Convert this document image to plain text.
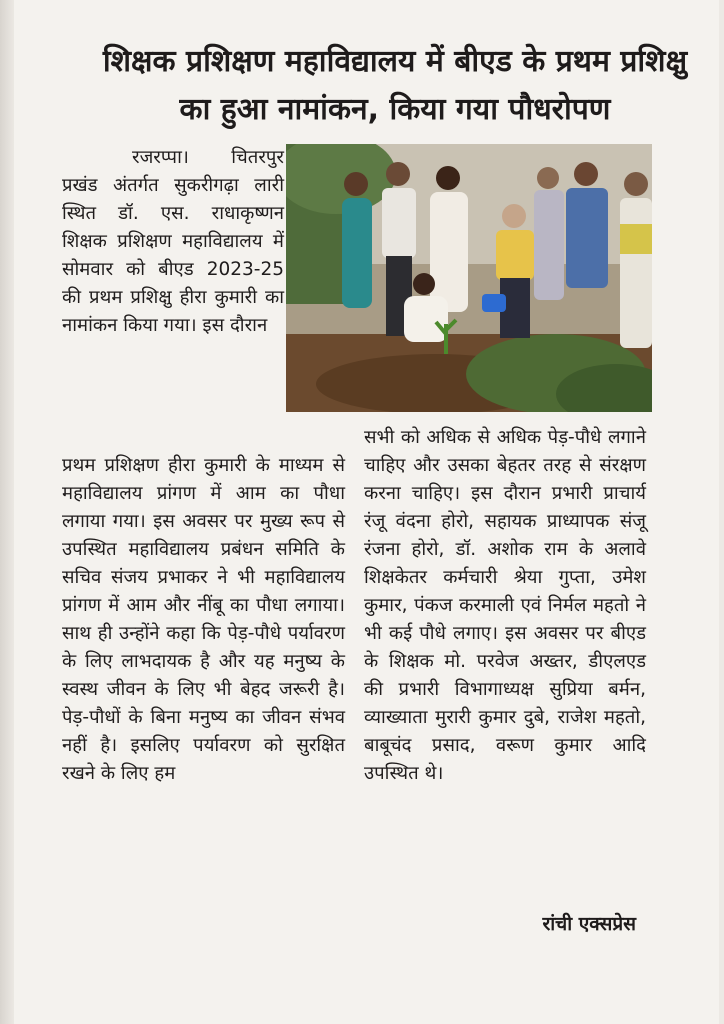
शिक्षक प्रशिक्षण महाविद्यालय में बीएड के प्रथम प्रशिक्षु का हुआ नामांकन, किया गया पौधरोपण

रजरप्पा। चितरपुर प्रखंड अंतर्गत सुकरीगढ़ा लारी स्थित डॉ. एस. राधाकृष्णन शिक्षक प्रशिक्षण महाविद्यालय में सोमवार को बीएड 2023-25 की प्रथम प्रशिक्षु हीरा कुमारी का नामांकन किया गया। इस दौरान

प्रथम प्रशिक्षण हीरा कुमारी के माध्यम से महाविद्यालय प्रांगण में आम का पौधा लगाया गया। इस अवसर पर मुख्य रूप से उपस्थित महाविद्यालय प्रबंधन समिति के सचिव संजय प्रभाकर ने भी महाविद्यालय प्रांगण में आम और नींबू का पौधा लगाया। साथ ही उन्होंने कहा कि पेड़-पौधे पर्यावरण के लिए लाभदायक है और यह मनुष्य के स्वस्थ जीवन के लिए भी बेहद जरूरी है। पेड़-पौधों के बिना मनुष्य का जीवन संभव नहीं है। इसलिए पर्यावरण को सुरक्षित रखने के लिए हम

सभी को अधिक से अधिक पेड़-पौधे लगाने चाहिए और उसका बेहतर तरह से संरक्षण करना चाहिए। इस दौरान प्रभारी प्राचार्य रंजू वंदना होरो, सहायक प्राध्यापक संजू रंजना होरो, डॉ. अशोक राम के अलावे शिक्षकेतर कर्मचारी श्रेया गुप्ता, उमेश कुमार, पंकज करमाली एवं निर्मल महतो ने भी कई पौधे लगाए। इस अवसर पर बीएड के शिक्षक मो. परवेज अख्तर, डीएलएड की प्रभारी विभागाध्यक्ष सुप्रिया बर्मन, व्याख्याता मुरारी कुमार दुबे, राजेश महतो, बाबूचंद प्रसाद, वरूण कुमार आदि उपस्थित थे।

रांची एक्सप्रेस
